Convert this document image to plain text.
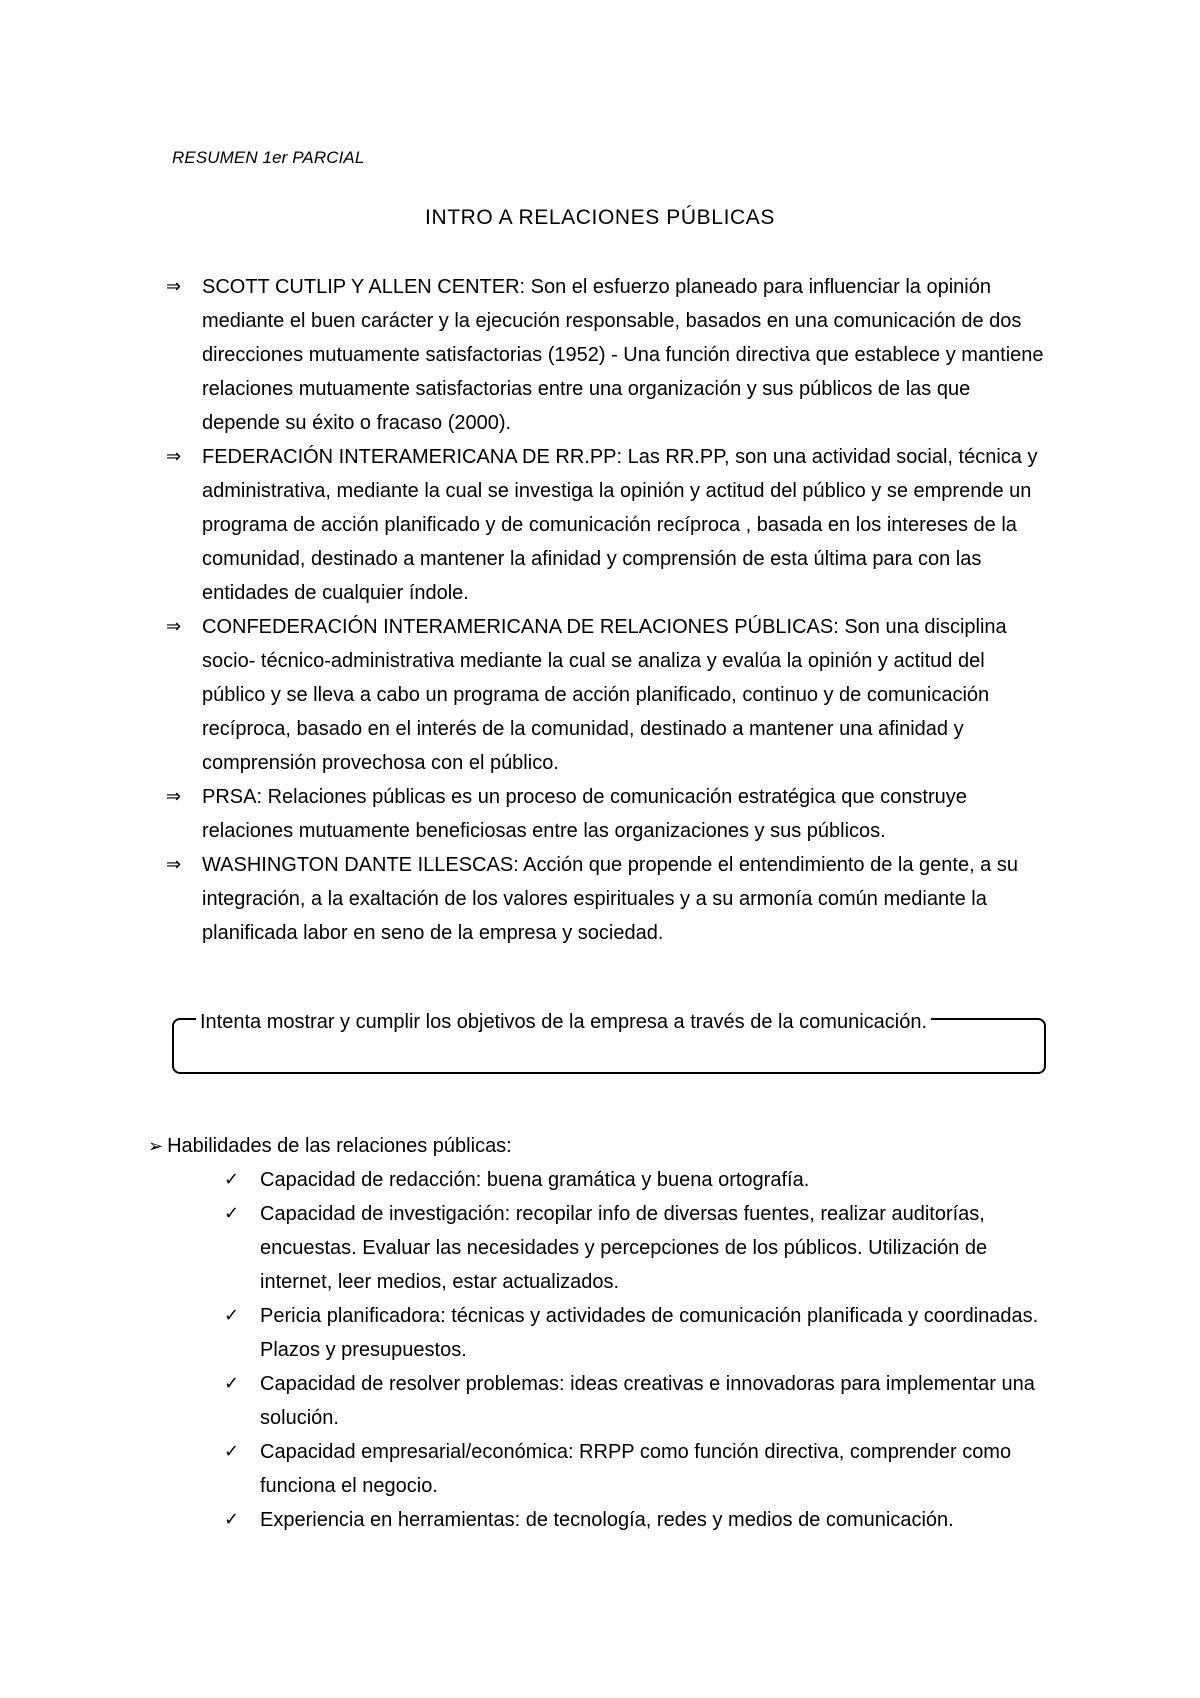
RESUMEN 1er PARCIAL
INTRO A RELACIONES PÚBLICAS
⇒ SCOTT CUTLIP Y ALLEN CENTER: Son el esfuerzo planeado para influenciar la opinión mediante el buen carácter y la ejecución responsable, basados en una comunicación de dos direcciones mutuamente satisfactorias (1952) - Una función directiva que establece y mantiene relaciones mutuamente satisfactorias entre una organización y sus públicos de las que depende su éxito o fracaso (2000).
⇒ FEDERACIÓN INTERAMERICANA DE RR.PP: Las RR.PP, son una actividad social, técnica y administrativa, mediante la cual se investiga la opinión y actitud del público y se emprende un programa de acción planificado y de comunicación recíproca , basada en los intereses de la comunidad, destinado a mantener la afinidad y comprensión de esta última para con las entidades de cualquier índole.
⇒ CONFEDERACIÓN INTERAMERICANA DE RELACIONES PÚBLICAS: Son una disciplina socio- técnico-administrativa mediante la cual se analiza y evalúa la opinión y actitud del público y se lleva a cabo un programa de acción planificado, continuo y de comunicación recíproca, basado en el interés de la comunidad, destinado a mantener una afinidad y comprensión provechosa con el público.
⇒ PRSA: Relaciones públicas es un proceso de comunicación estratégica que construye relaciones mutuamente beneficiosas entre las organizaciones y sus públicos.
⇒ WASHINGTON DANTE ILLESCAS: Acción que propende el entendimiento de la gente, a su integración, a la exaltación de los valores espirituales y a su armonía común mediante la planificada labor en seno de la empresa y sociedad.
Intenta mostrar y cumplir los objetivos de la empresa a través de la comunicación.
➢ Habilidades de las relaciones públicas:
✓ Capacidad de redacción: buena gramática y buena ortografía.
✓ Capacidad de investigación: recopilar info de diversas fuentes, realizar auditorías, encuestas. Evaluar las necesidades y percepciones de los públicos. Utilización de internet, leer medios, estar actualizados.
✓ Pericia planificadora: técnicas y actividades de comunicación planificada y coordinadas. Plazos y presupuestos.
✓ Capacidad de resolver problemas: ideas creativas e innovadoras para implementar una solución.
✓ Capacidad empresarial/económica: RRPP como función directiva, comprender como funciona el negocio.
✓ Experiencia en herramientas: de tecnología, redes y medios de comunicación.
